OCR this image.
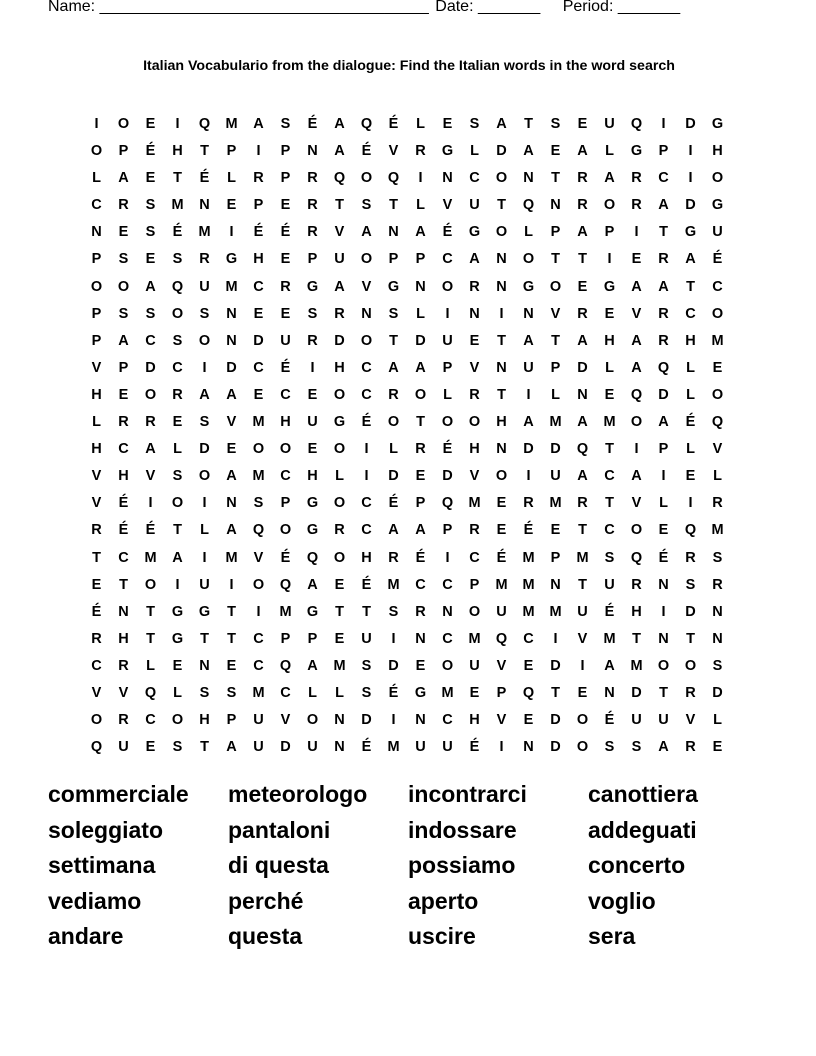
Name: _____________________________________ Date: _______ Period: _______
Italian Vocabulario from the dialogue: Find the Italian words in the word search
I	O	E	I	Q	M	A	S	É	A	Q	É	L	E	S	A	T	S	E	U	Q	I	D	G
O	P	É	H	T	P	I	P	N	A	É	V	R	G	L	D	A	E	A	L	G	P	I	H
L	A	E	T	É	L	R	P	R	Q	O	Q	I	N	C	O	N	T	R	A	R	C	I	O
C	R	S	M	N	E	P	E	R	T	S	T	L	V	U	T	Q	N	R	O	R	A	D	G
N	E	S	É	M	I	É	É	R	V	A	N	A	É	G	O	L	P	A	P	I	T	G	U
P	S	E	S	R	G	H	E	P	U	O	P	P	C	A	N	O	T	T	I	E	R	A	É
O	O	A	Q	U	M	C	R	G	A	V	G	N	O	R	N	G	O	E	G	A	A	T	C
P	S	S	O	S	N	E	E	S	R	N	S	L	I	N	I	N	V	R	E	V	R	C	O
P	A	C	S	O	N	D	U	R	D	O	T	D	U	E	T	A	T	A	H	A	R	H	M
V	P	D	C	I	D	C	É	I	H	C	A	A	P	V	N	U	P	D	L	A	Q	L	E
H	E	O	R	A	A	E	C	E	O	C	R	O	L	R	T	I	L	N	E	Q	D	L	O
L	R	R	E	S	V	M	H	U	G	É	O	T	O	O	H	A	M	A	M	O	A	É	Q
H	C	A	L	D	E	O	O	E	O	I	L	R	É	H	N	D	D	Q	T	I	P	L	V
V	H	V	S	O	A	M	C	H	L	I	D	E	D	V	O	I	U	A	C	A	I	E	L
V	É	I	O	I	N	S	P	G	O	C	É	P	Q	M	E	R	M	R	T	V	L	I	R
R	É	É	T	L	A	Q	O	G	R	C	A	A	P	R	E	É	E	T	C	O	E	Q	M
T	C	M	A	I	M	V	É	Q	O	H	R	É	I	C	É	M	P	M	S	Q	É	R	S
E	T	O	I	U	I	O	Q	A	E	É	M	C	C	P	M	M	N	T	U	R	N	S	R
É	N	T	G	G	T	I	M	G	T	T	S	R	N	O	U	M	M	U	É	H	I	D	N
R	H	T	G	T	T	C	P	P	E	U	I	N	C	M	Q	C	I	V	M	T	N	T	N
C	R	L	E	N	E	C	Q	A	M	S	D	E	O	U	V	E	D	I	A	M	O	O	S
V	V	Q	L	S	S	M	C	L	L	S	É	G	M	E	P	Q	T	E	N	D	T	R	D
O	R	C	O	H	P	U	V	O	N	D	I	N	C	H	V	E	D	O	É	U	U	V	L
Q	U	E	S	T	A	U	D	U	N	É	M	U	U	É	I	N	D	O	S	S	A	R	E
commerciale	meteorologo	incontrarci	canottiera
soleggiato	pantaloni	indossare	addeguati
settimana	di questa	possiamo	concerto
vediamo	perché	aperto	voglio
andare	questa	uscire	sera
